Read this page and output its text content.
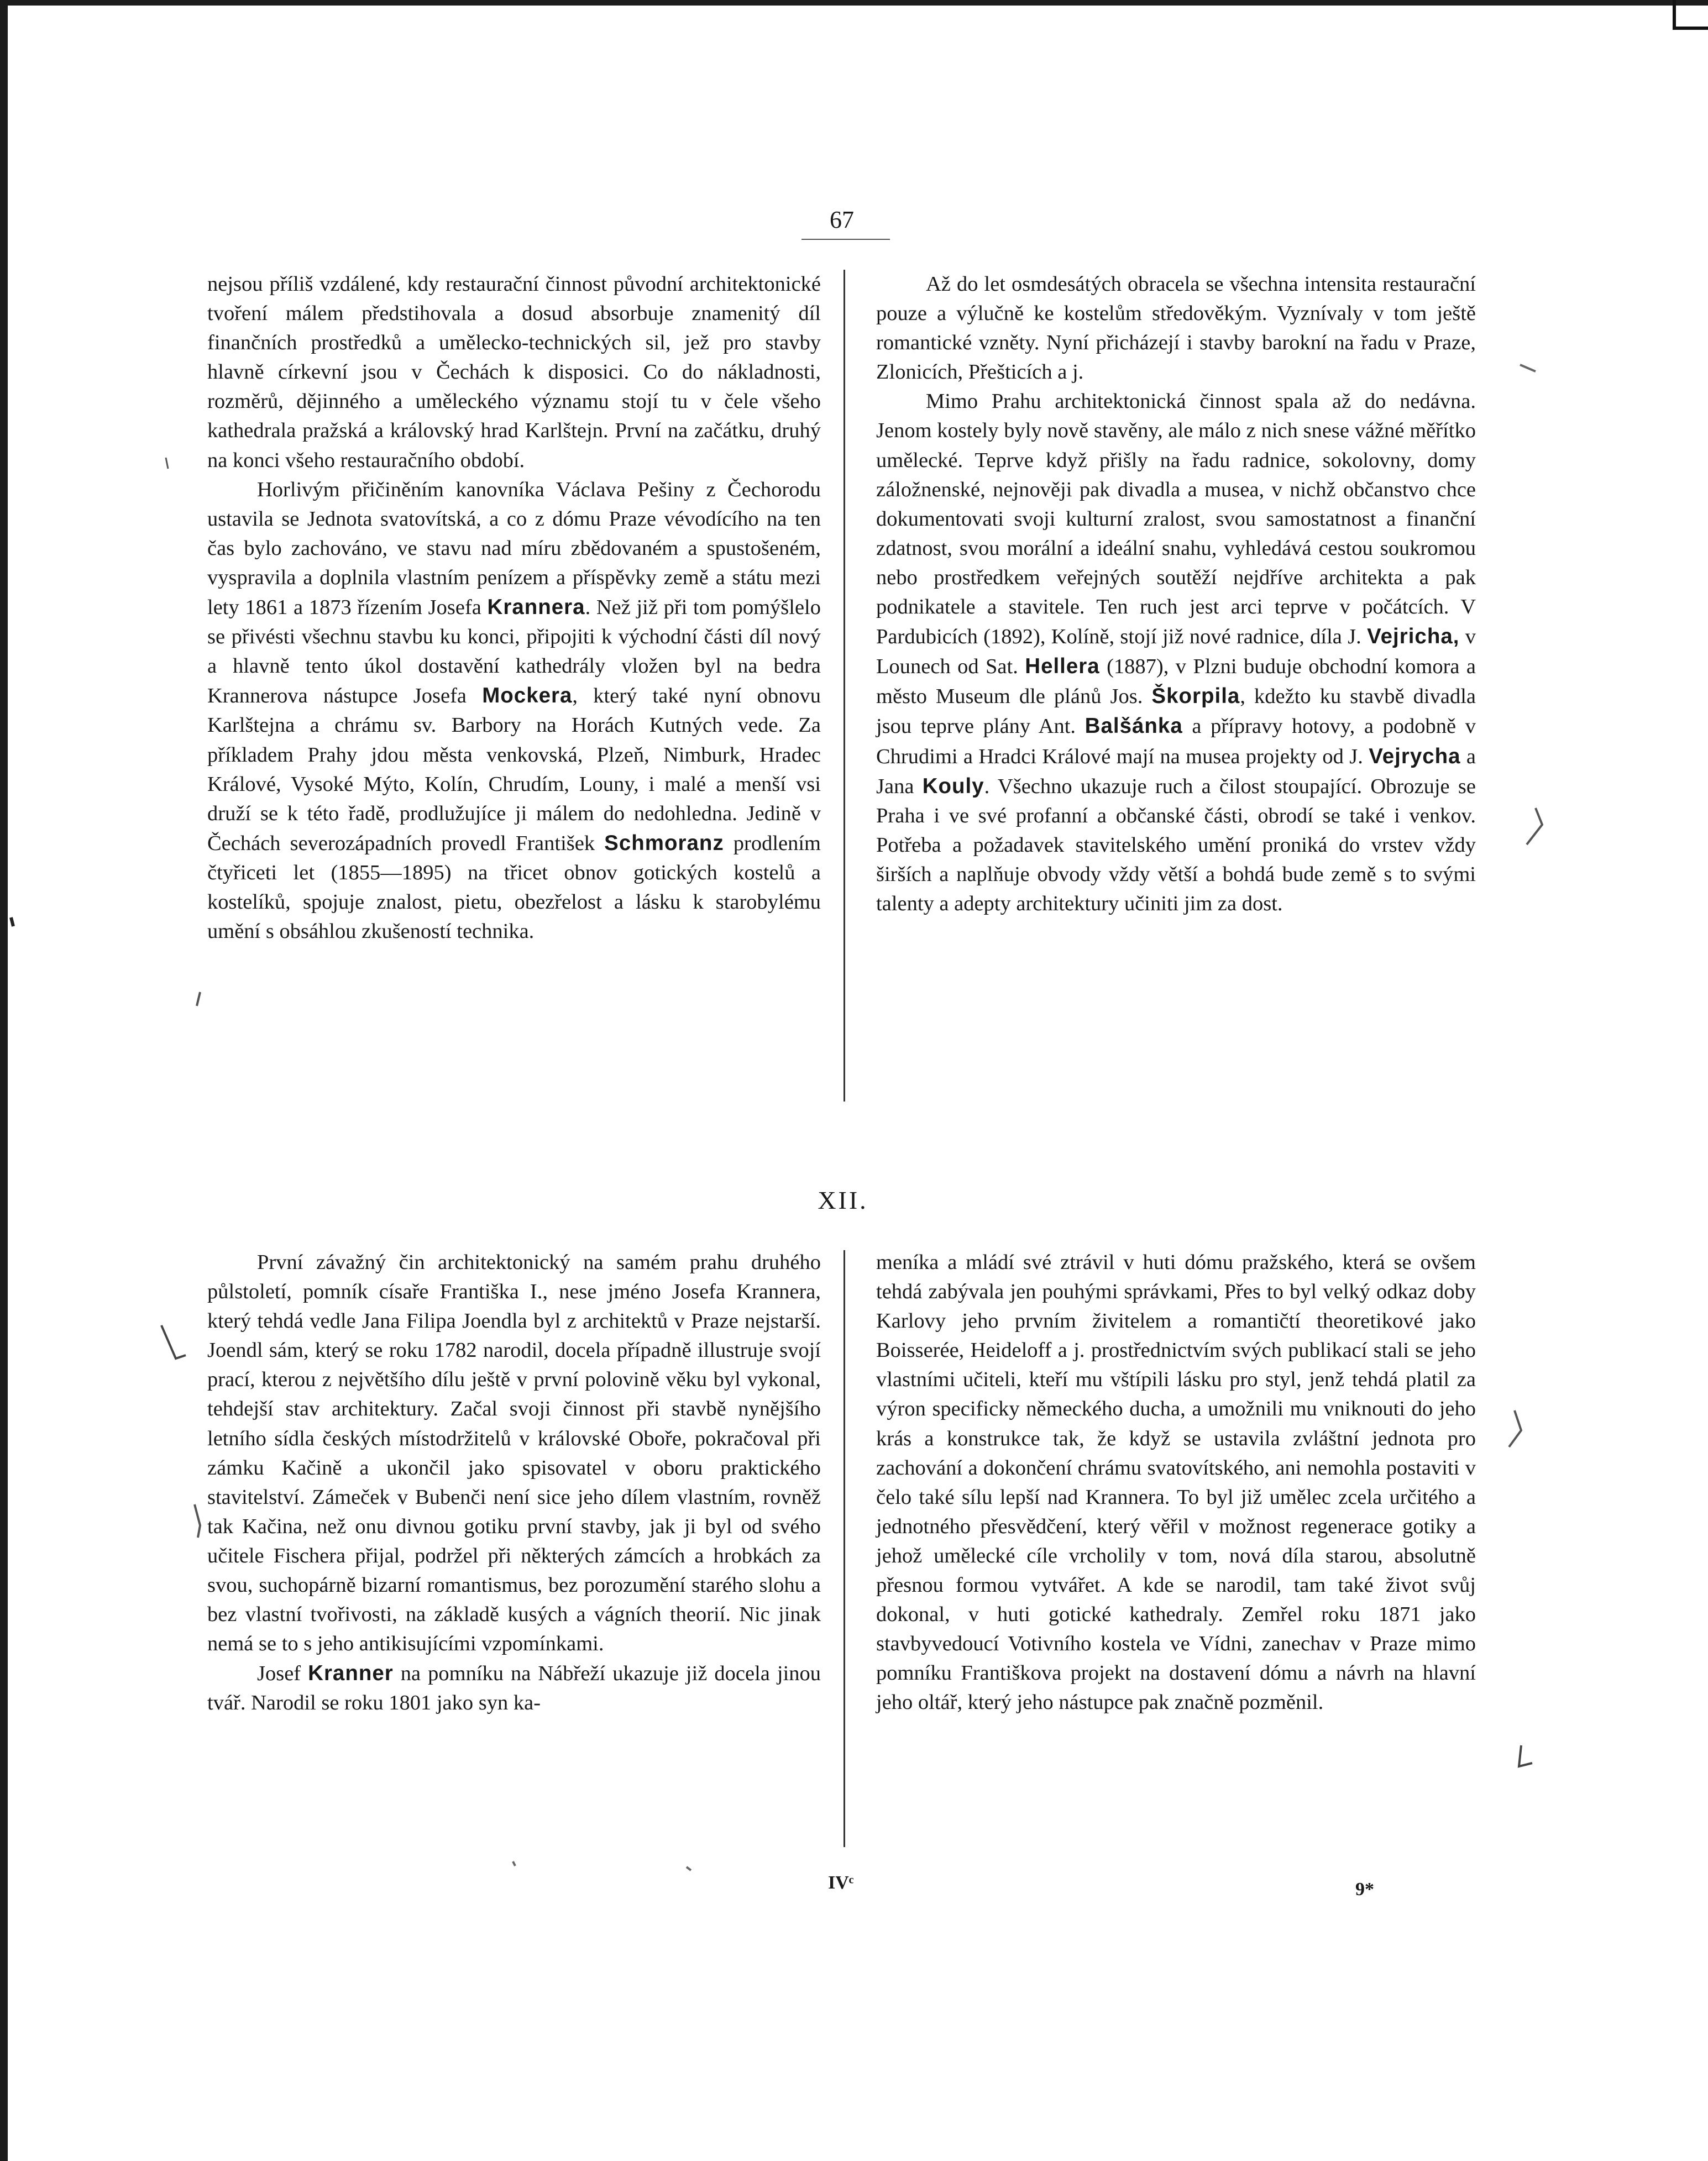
67

nejsou příliš vzdálené, kdy restaurační činnost původní architektonické tvoření málem předstihovala a dosud absorbuje znamenitý díl finančních prostředků a umělecko-technických sil, jež pro stavby hlavně církevní jsou v Čechách k disposici. Co do nákladnosti, rozměrů, dějinného a uměleckého významu stojí tu v čele všeho kathedrala pražská a královský hrad Karlštejn. První na začátku, druhý na konci všeho restauračního období.

Horlivým přičiněním kanovníka Václava Pešiny z Čechorodu ustavila se Jednota svatovítská, a co z dómu Praze vévodícího na ten čas bylo zachováno, ve stavu nad míru zbědovaném a spustošeném, vyspravila a doplnila vlastním penízem a příspěvky země a státu mezi lety 1861 a 1873 řízením Josefa Krannera. Než již při tom pomýšlelo se přivésti všechnu stavbu ku konci, připojiti k východní části díl nový a hlavně tento úkol dostavění kathedrály vložen byl na bedra Krannerova nástupce Josefa Mockera, který také nyní obnovu Karlštejna a chrámu sv. Barbory na Horách Kutných vede. Za příkladem Prahy jdou města venkovská, Plzeň, Nimburk, Hradec Králové, Vysoké Mýto, Kolín, Chrudím, Louny, i malé a menší vsi druží se k této řadě, prodlužujíce ji málem do nedohledna. Jedině v Čechách severozápadních provedl František Schmoranz prodlením čtyřiceti let (1855—1895) na třicet obnov gotických kostelů a kostelíků, spojuje znalost, pietu, obezřelost a lásku k starobylému umění s obsáhlou zkušeností technika.

Až do let osmdesátých obracela se všechna intensita restaurační pouze a výlučně ke kostelům středověkým. Vyznívaly v tom ještě romantické vzněty. Nyní přicházejí i stavby barokní na řadu v Praze, Zlonicích, Přešticích a j.

Mimo Prahu architektonická činnost spala až do nedávna. Jenom kostely byly nově stavěny, ale málo z nich snese vážné měřítko umělecké. Teprve když přišly na řadu radnice, sokolovny, domy záložnenské, nejnověji pak divadla a musea, v nichž občanstvo chce dokumentovati svoji kulturní zralost, svou samostatnost a finanční zdatnost, svou morální a ideální snahu, vyhledává cestou soukromou nebo prostředkem veřejných soutěží nejdříve architekta a pak podnikatele a stavitele. Ten ruch jest arci teprve v počátcích. V Pardubicích (1892), Kolíně, stojí již nové radnice, díla J. Vejricha, v Lounech od Sat. Hellera (1887), v Plzni buduje obchodní komora a město Museum dle plánů Jos. Škorpila, kdežto ku stavbě divadla jsou teprve plány Ant. Balšánka a přípravy hotovy, a podobně v Chrudimi a Hradci Králové mají na musea projekty od J. Vejrycha a Jana Kouly. Všechno ukazuje ruch a čilost stoupající. Obrozuje se Praha i ve své profanní a občanské části, obrodí se také i venkov. Potřeba a požadavek stavitelského umění proniká do vrstev vždy širších a naplňuje obvody vždy větší a bohdá bude země s to svými talenty a adepty architektury učiniti jim za dost.

XII.

První závažný čin architektonický na samém prahu druhého půlstoletí, pomník císaře Františka I., nese jméno Josefa Krannera, který tehdá vedle Jana Filipa Joendla byl z architektů v Praze nejstarší. Joendl sám, který se roku 1782 narodil, docela případně illustruje svojí prací, kterou z největšího dílu ještě v první polovině věku byl vykonal, tehdejší stav architektury. Začal svoji činnost při stavbě nynějšího letního sídla českých místodržitelů v královské Oboře, pokračoval při zámku Kačině a ukončil jako spisovatel v oboru praktického stavitelství. Zámeček v Bubenči není sice jeho dílem vlastním, rovněž tak Kačina, než onu divnou gotiku první stavby, jak ji byl od svého učitele Fischera přijal, podržel při některých zámcích a hrobkách za svou, suchopárně bizarní romantismus, bez porozumění starého slohu a bez vlastní tvořivosti, na základě kusých a vágních theorií. Nic jinak nemá se to s jeho antikisujícími vzpomínkami.

Josef Kranner na pomníku na Nábřeží ukazuje již docela jinou tvář. Narodil se roku 1801 jako syn ka-

meníka a mládí své ztrávil v huti dómu pražského, která se ovšem tehdá zabývala jen pouhými správkami, Přes to byl velký odkaz doby Karlovy jeho prvním živitelem a romantičtí theoretikové jako Boisserée, Heideloff a j. prostřednictvím svých publikací stali se jeho vlastními učiteli, kteří mu vštípili lásku pro styl, jenž tehdá platil za výron specificky německého ducha, a umožnili mu vniknouti do jeho krás a konstrukce tak, že když se ustavila zvláštní jednota pro zachování a dokončení chrámu svatovítského, ani nemohla postaviti v čelo také sílu lepší nad Krannera. To byl již umělec zcela určitého a jednotného přesvědčení, který věřil v možnost regenerace gotiky a jehož umělecké cíle vrcholily v tom, nová díla starou, absolutně přesnou formou vytvářet. A kde se narodil, tam také život svůj dokonal, v huti gotické kathedraly. Zemřel roku 1871 jako stavbyvedoucí Votivního kostela ve Vídni, zanechav v Praze mimo pomníku Františkova projekt na dostavení dómu a návrh na hlavní jeho oltář, který jeho nástupce pak značně pozměnil.

IVᶜ	9*
